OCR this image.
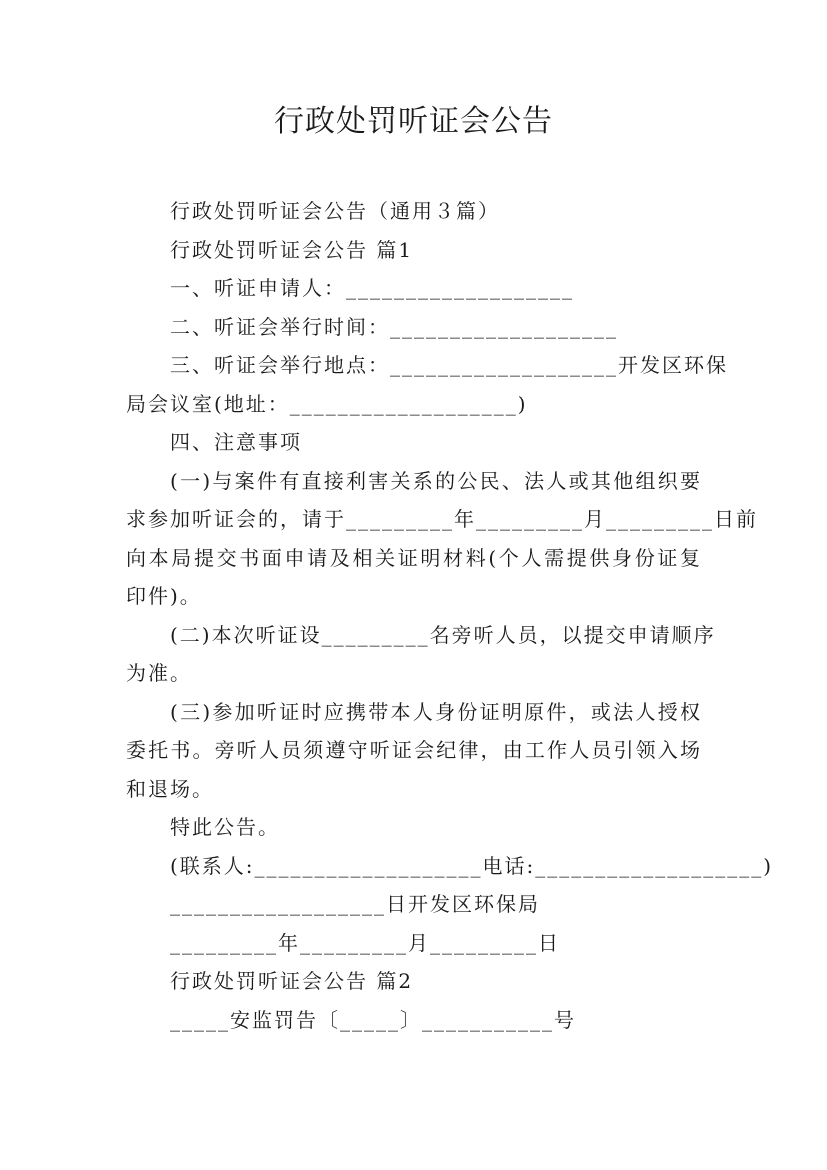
行政处罚听证会公告

行政处罚听证会公告（通用３篇）

行政处罚听证会公告 篇1

一、听证申请人：___________________

二、听证会举行时间：___________________

三、听证会举行地点：___________________开发区环保

局会议室(地址：___________________)

四、注意事项

(一)与案件有直接利害关系的公民、法人或其他组织要

求参加听证会的，请于_________年_________月_________日前

向本局提交书面申请及相关证明材料(个人需提供身份证复

印件)。

(二)本次听证设_________名旁听人员，以提交申请顺序

为准。

(三)参加听证时应携带本人身份证明原件，或法人授权

委托书。旁听人员须遵守听证会纪律，由工作人员引领入场

和退场。

特此公告。

(联系人:___________________电话:___________________)

__________________日开发区环保局

_________年_________月_________日

行政处罚听证会公告 篇2

_____安监罚告〔_____〕___________号
